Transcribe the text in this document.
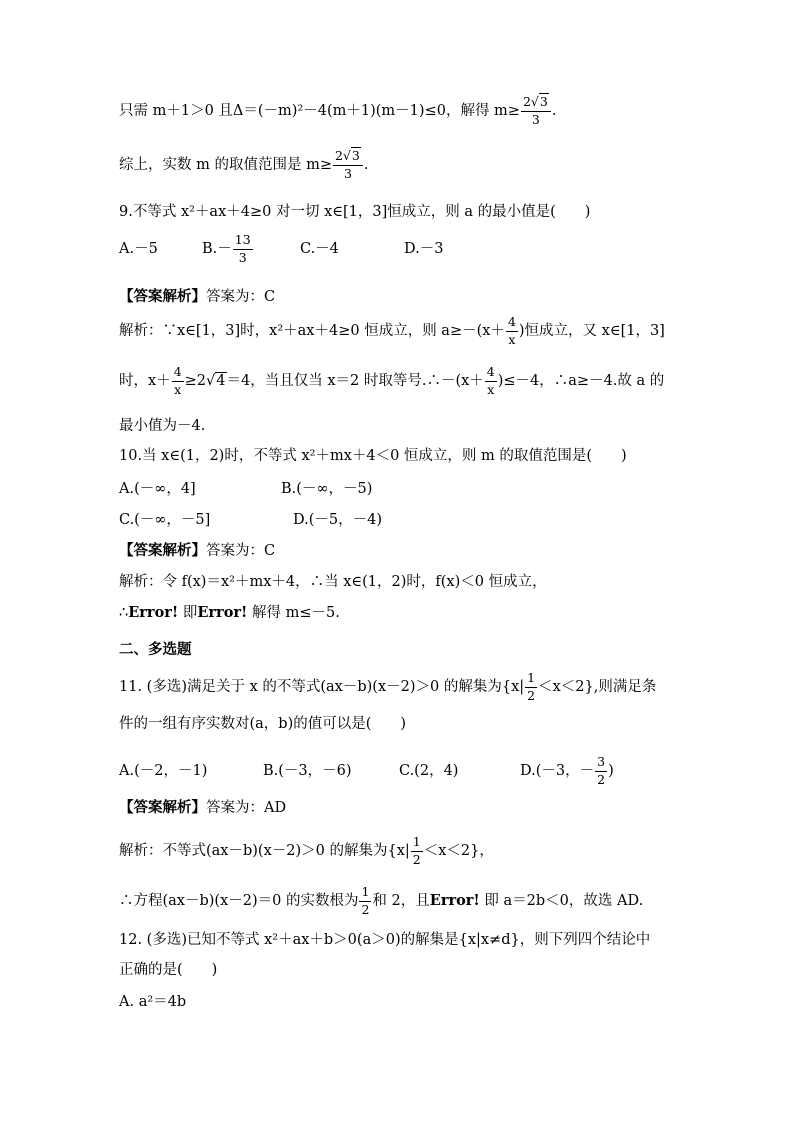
只需 m＋1＞0 且Δ＝(－m)²－4(m＋1)(m－1)≤0，解得 $m\ge \frac{2√3}{3}$ .
综上，实数 m 的取值范围是 $m\ge \frac{2√3}{3}$ .
9.不等式 x²＋ax＋4≥0 对一切 x∈[1，3]恒成立，则 a 的最小值是(　　)
A.－5	$B.- \frac{13}{3}$	C.－4	D.－3
【答案解析】答案为：C
解析：∵x∈[1，3]时，x²＋ax＋4≥0 恒成立，则 $a\ge-(x+ \frac{4}{x}$ )恒成立，又 x∈[1，3]
时，$x+ \frac{4}{x} \ge 2√4=4$，当且仅当 x＝2 时取等号.∴－(x＋ $\frac{4}{x} )\le-4$，∴a≥－4.故 a 的
最小值为－4.
10.当 x∈(1，2)时，不等式 x²＋mx＋4＜0 恒成立，则 m 的取值范围是(　　)
A.(－∞，4]	B.(－∞，－5)
C.(－∞，－5]	D.(－5，－4)
【答案解析】答案为：C
解析：令 f(x)＝x²＋mx＋4，∴当 x∈(1，2)时，f(x)＜0 恒成立，
∴Error! 即Error! 解得 m≤－5.
二、多选题
11. (多选)满足关于 x 的不等式(ax－b)(x－2)＞0 的解集为$\{x| \frac{1}{2} <x<2\}$,则满足条
件的一组有序实数对(a，b)的值可以是(　　)
A.(－2，－1)	B.(－3，－6)	C.(2，4)	D.(－3，－ $\frac{3}{2}$ )
【答案解析】答案为：AD
解析：不等式(ax－b)(x－2)＞0 的解集为$\{x| \frac{1}{2} <x<2\}$，
∴方程(ax－b)(x－2)＝0 的实数根为 $\frac{1}{2}$ 和 2，且Error! 即 a＝2b＜0，故选 AD.
12. (多选)已知不等式 x²＋ax＋b＞0(a＞0)的解集是{x|x≠d}，则下列四个结论中
正确的是(　　)
A. a²＝4b
